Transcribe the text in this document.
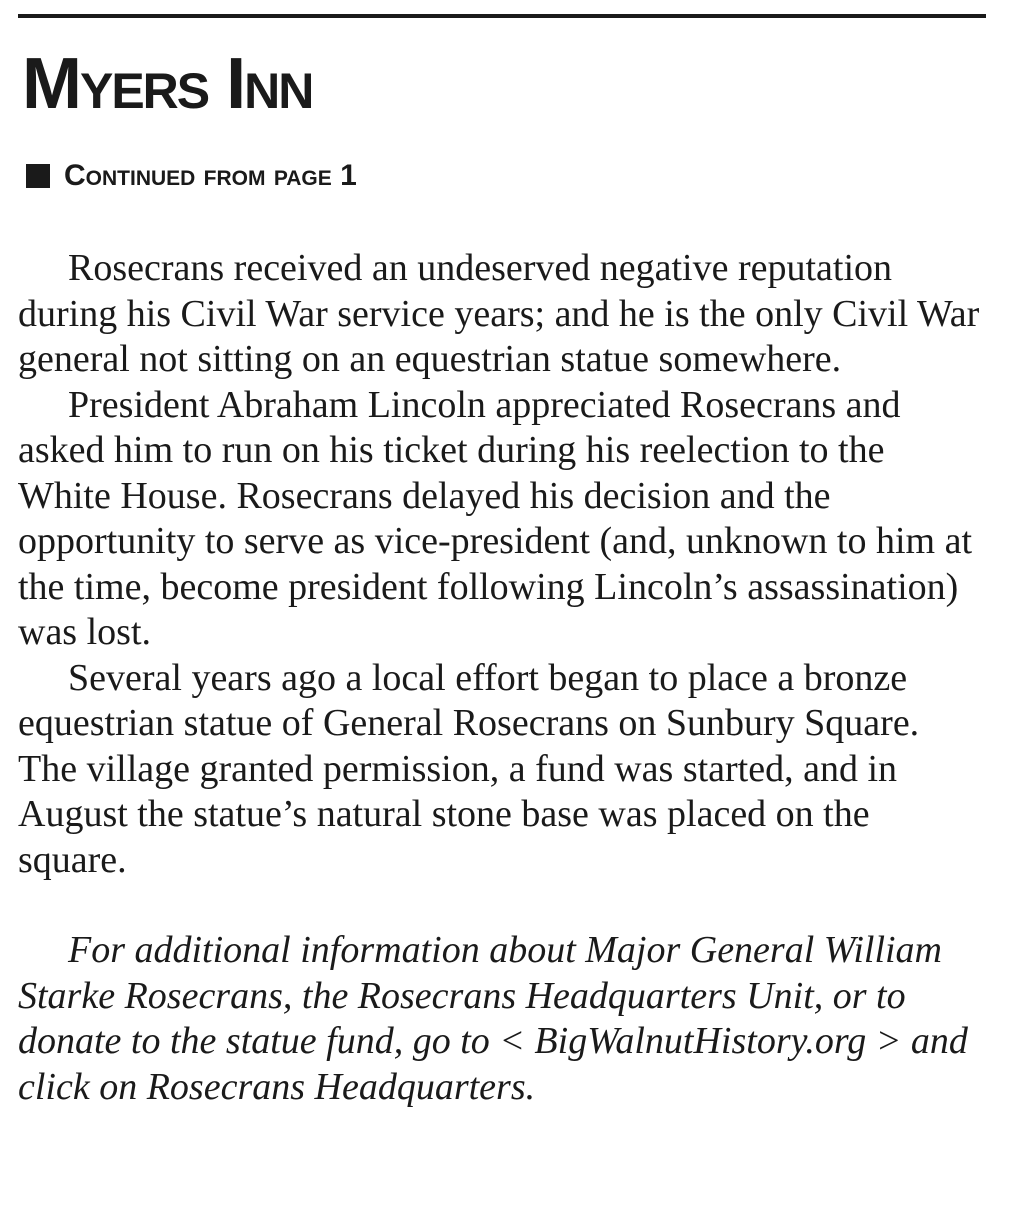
Myers Inn
Continued from page 1

Rosecrans received an undeserved negative reputation during his Civil War service years; and he is the only Civil War general not sitting on an equestrian statue somewhere.

President Abraham Lincoln appreciated Rosecrans and asked him to run on his ticket during his reelection to the White House. Rosecrans delayed his decision and the opportunity to serve as vice-president (and, unknown to him at the time, become president following Lincoln’s assassination) was lost.

Several years ago a local effort began to place a bronze equestrian statue of General Rosecrans on Sunbury Square. The village granted permission, a fund was started, and in August the statue’s natural stone base was placed on the square.

For additional information about Major General William Starke Rosecrans, the Rosecrans Headquarters Unit, or to donate to the statue fund, go to < BigWalnutHistory.org > and click on Rosecrans Headquarters.
